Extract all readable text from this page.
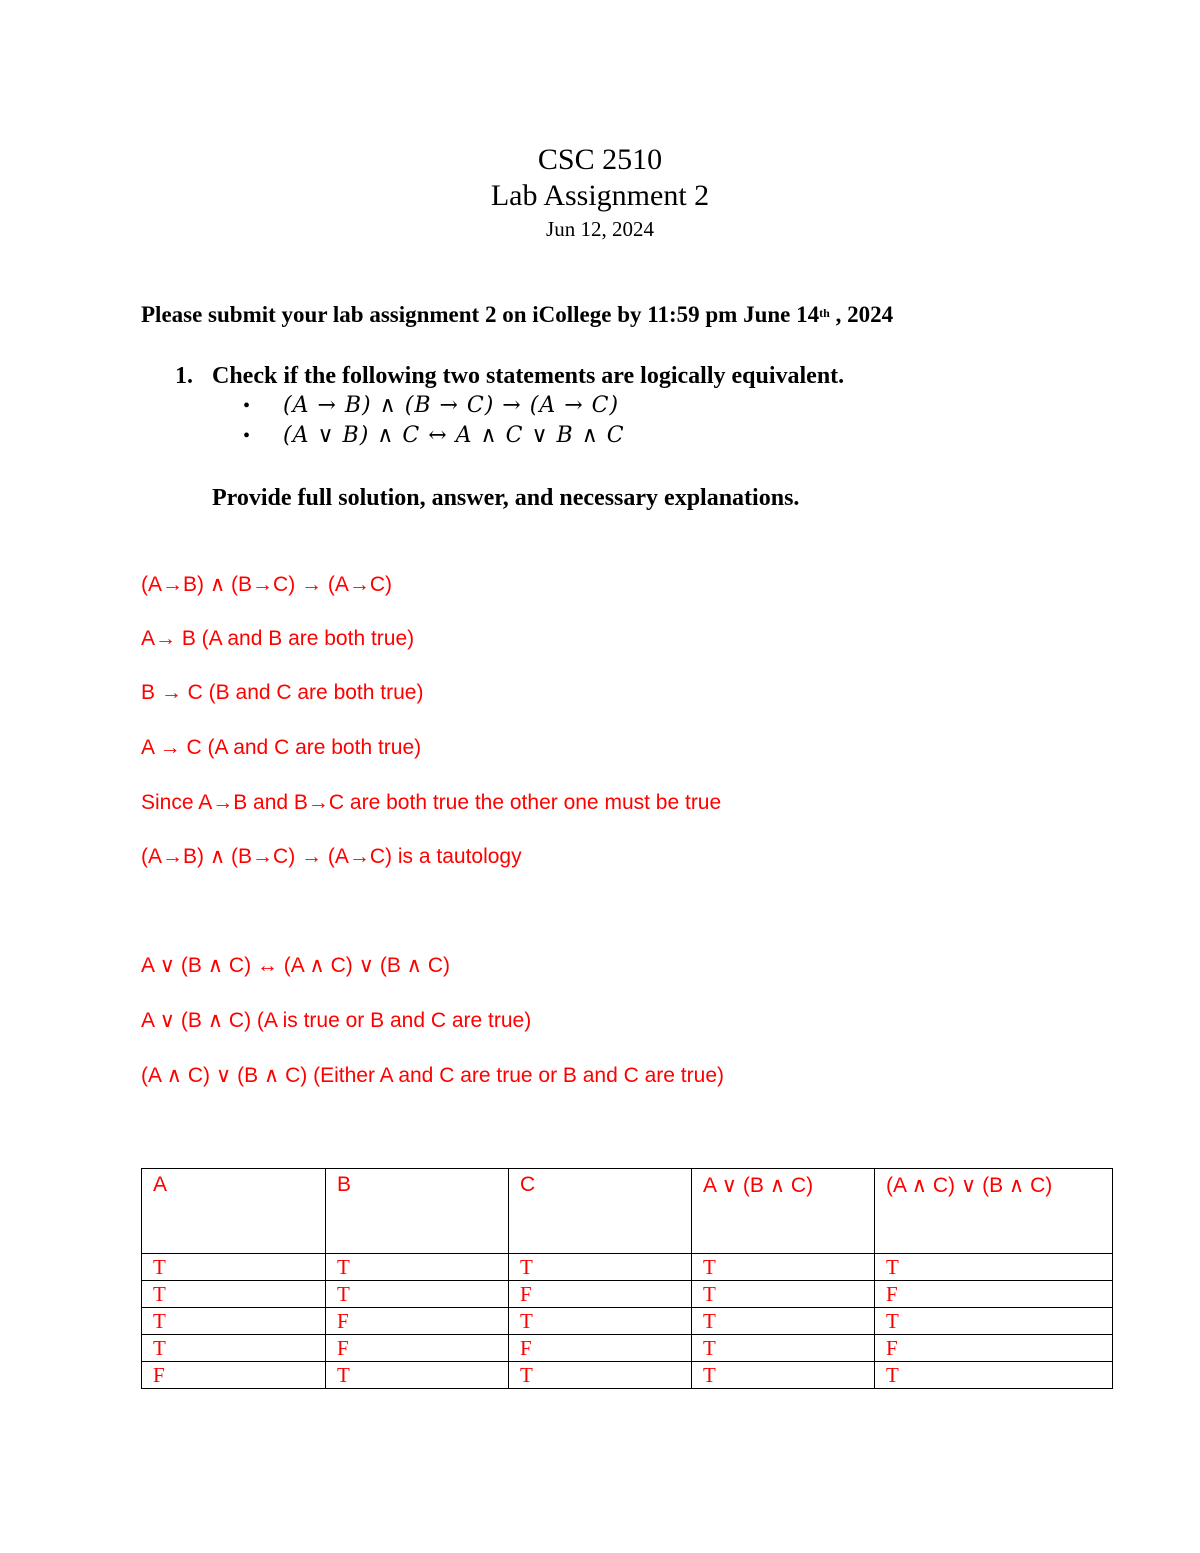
CSC 2510
Lab Assignment 2
Jun 12, 2024
Please submit your lab assignment 2 on iCollege by 11:59 pm June 14th , 2024
1. Check if the following two statements are logically equivalent.
• (A → B) ∧ (B → C) → (A → C)
• (A ∨ B) ∧ C ↔ A ∧ C ∨ B ∧ C
Provide full solution, answer, and necessary explanations.
(A→B) ∧ (B→C) → (A→C)
A→ B (A and B are both true)
B → C (B and C are both true)
A → C (A and C are both true)
Since A→B and B→C are both true the other one must be true
(A→B) ∧ (B→C) → (A→C) is a tautology
A ∨ (B ∧ C) ↔ (A ∧ C) ∨ (B ∧ C)
A ∨ (B ∧ C) (A is true or B and C are true)
(A ∧ C) ∨ (B ∧ C) (Either A and C are true or B and C are true)
A	B	C	A ∨ (B ∧ C)	(A ∧ C) ∨ (B ∧ C)
T	T	T	T	T
T	T	F	T	F
T	F	T	T	T
T	F	F	T	F
F	T	T	T	T
